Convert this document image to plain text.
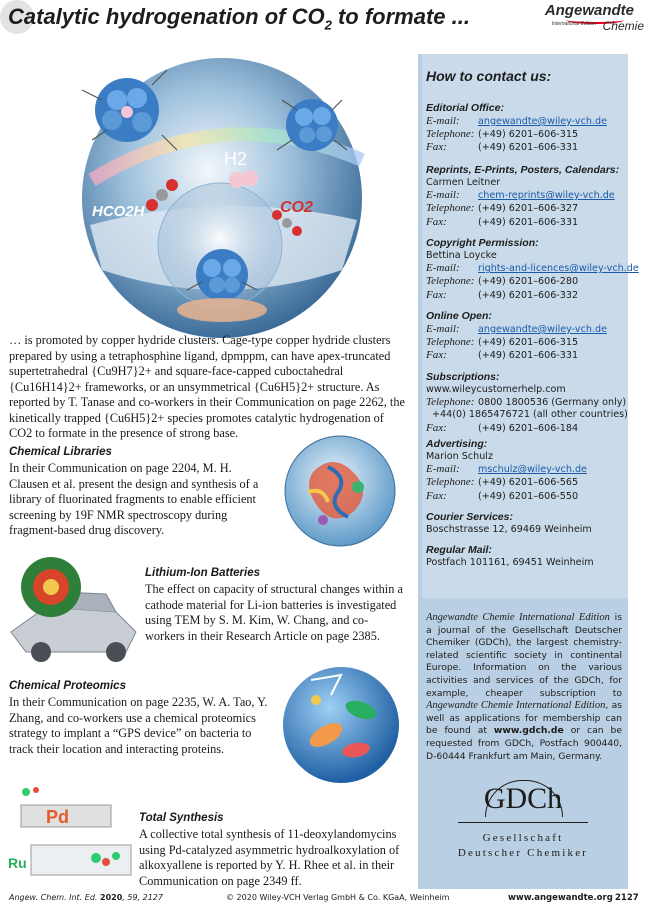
Catalytic hydrogenation of $CO_2$ to formate ...	Angewandte
International Edition Chemie
H2
CO2
HCO2H
… is promoted by copper hydride clusters. Cage-type copper hydride clusters prepared by using a tetraphosphine ligand, dpmppm, can have apex-truncated supertetrahedral {Cu9H7}2+ and square-face-capped cuboctahedral {Cu16H14}2+ frameworks, or an unsymmetrical {Cu6H5}2+ structure. As reported by T. Tanase and co-workers in their Communication on page 2262, the kinetically trapped {Cu6H5}2+ species promotes catalytic hydrogenation of CO2 to formate in the presence of strong base.
Chemical Libraries
In their Communication on page 2204, M. H. Clausen et al. present the design and synthesis of a library of fluorinated fragments to enable efficient screening by 19F NMR spectroscopy during fragment-based drug discovery.
Lithium-Ion Batteries
The effect on capacity of structural changes within a cathode material for Li-ion batteries is investigated using TEM by S. M. Kim, W. Chang, and co-workers in their Research Article on page 2385.
Chemical Proteomics
In their Communication on page 2235, W. A. Tao, Y. Zhang, and co-workers use a chemical proteomics strategy to implant a “GPS device” on bacteria to track their location and interacting proteins.
Pd
Ru
Total Synthesis
A collective total synthesis of 11-deoxylandomycins using Pd-catalyzed asymmetric hydroalkoxylation of alkoxyallene is reported by Y. H. Rhee et al. in their Communication on page 2349 ff.
How to contact us:
Editorial Office:
E-mail: angewandte@wiley-vch.de
Telephone: (+49) 6201–606-315
Fax:	(+49) 6201–606-331
Reprints, E-Prints, Posters, Calendars:
Carmen Leitner
E-mail: chem-reprints@wiley-vch.de
Telephone: (+49) 6201–606-327
Fax:	(+49) 6201–606-331
Copyright Permission:
Bettina Loycke
E-mail: rights-and-licences@wiley-vch.de
Telephone: (+49) 6201–606-280
Fax:	(+49) 6201–606-332
Online Open:
E-mail: angewandte@wiley-vch.de
Telephone: (+49) 6201–606-315
Fax:	(+49) 6201–606-331
Subscriptions:
www.wileycustomerhelp.com
Telephone: 0800 1800536 (Germany only)
+44(0) 1865476721 (all other countries)
Fax:	(+49) 6201–606-184
Advertising:
Marion Schulz
E-mail: mschulz@wiley-vch.de
Telephone: (+49) 6201–606-565
Fax:	(+49) 6201–606-550
Courier Services:
Boschstrasse 12, 69469 Weinheim
Regular Mail:
Postfach 101161, 69451 Weinheim
Angewandte Chemie International Edition is a journal of the Gesellschaft Deutscher Chemiker (GDCh), the largest chemistry-related scientific society in continental Europe. Information on the various activities and services of the GDCh, for example, cheaper subscription to Angewandte Chemie International Edition, as well as applications for membership can be found at www.gdch.de or can be requested from GDCh, Postfach 900440, D-60444 Frankfurt am Main, Germany.
GDCh
Gesellschaft
Deutscher Chemiker
Angew. Chem. Int. Ed. 2020, 59, 2127	© 2020 Wiley-VCH Verlag GmbH & Co. KGaA, Weinheim	www.angewandte.org 2127
